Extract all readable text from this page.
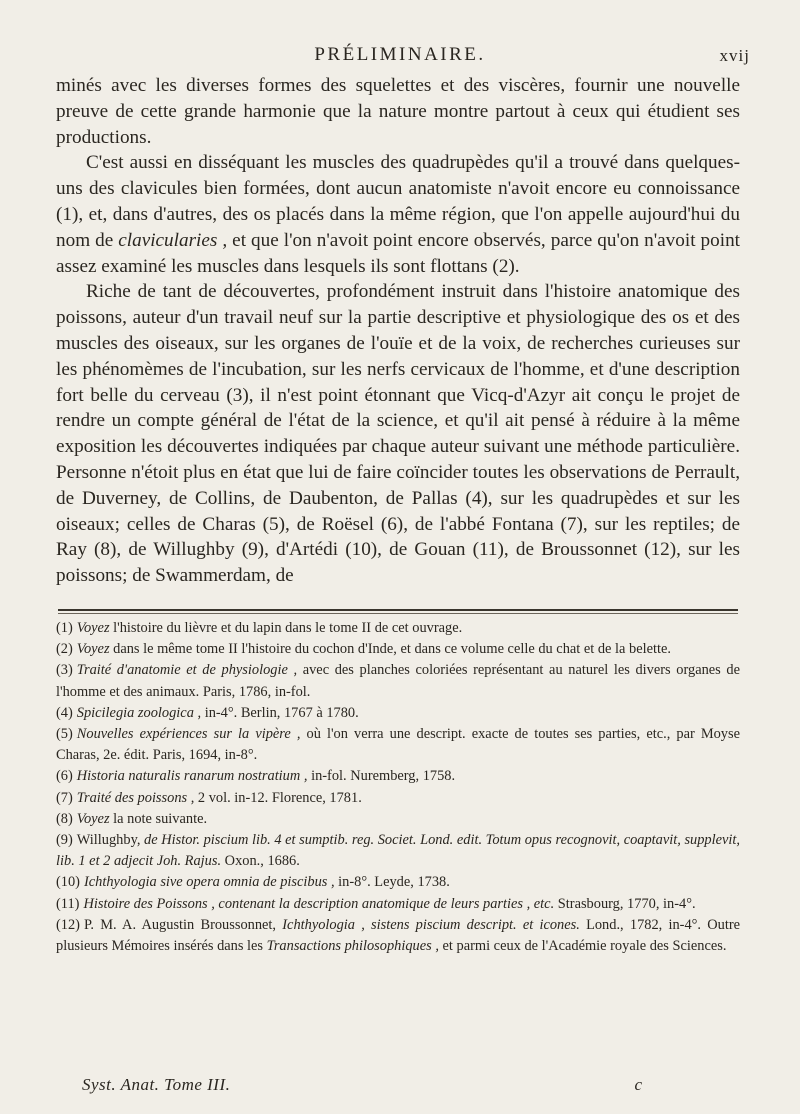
PRÉLIMINAIRE.	xvij

minés avec les diverses formes des squelettes et des viscères, fournir une nouvelle preuve de cette grande harmonie que la nature montre partout à ceux qui étudient ses productions.

C'est aussi en disséquant les muscles des quadrupèdes qu'il a trouvé dans quelques-uns des clavicules bien formées, dont aucun anatomiste n'avoit encore eu connoissance (1), et, dans d'autres, des os placés dans la même région, que l'on appelle aujourd'hui du nom de clavicularies , et que l'on n'avoit point encore observés, parce qu'on n'avoit point assez examiné les muscles dans lesquels ils sont flottans (2).

Riche de tant de découvertes, profondément instruit dans l'histoire anatomique des poissons, auteur d'un travail neuf sur la partie descriptive et physiologique des os et des muscles des oiseaux, sur les organes de l'ouïe et de la voix, de recherches curieuses sur les phénomèmes de l'incubation, sur les nerfs cervicaux de l'homme, et d'une description fort belle du cerveau (3), il n'est point étonnant que Vicq-d'Azyr ait conçu le projet de rendre un compte général de l'état de la science, et qu'il ait pensé à réduire à la même exposition les découvertes indiquées par chaque auteur suivant une méthode particulière. Personne n'étoit plus en état que lui de faire coïncider toutes les observations de Perrault, de Duverney, de Collins, de Daubenton, de Pallas (4), sur les quadrupèdes et sur les oiseaux; celles de Charas (5), de Roësel (6), de l'abbé Fontana (7), sur les reptiles; de Ray (8), de Willughby (9), d'Artédi (10), de Gouan (11), de Broussonnet (12), sur les poissons; de Swammerdam, de

(1) Voyez l'histoire du lièvre et du lapin dans le tome II de cet ouvrage.

(2) Voyez dans le même tome II l'histoire du cochon d'Inde, et dans ce volume celle du chat et de la belette.

(3) Traité d'anatomie et de physiologie , avec des planches coloriées représentant au naturel les divers organes de l'homme et des animaux. Paris, 1786, in-fol.

(4) Spicilegia zoologica , in-4°. Berlin, 1767 à 1780.

(5) Nouvelles expériences sur la vipère , où l'on verra une descript. exacte de toutes ses parties, etc., par Moyse Charas, 2e. édit. Paris, 1694, in-8°.

(6) Historia naturalis ranarum nostratium , in-fol. Nuremberg, 1758.

(7) Traité des poissons , 2 vol. in-12. Florence, 1781.

(8) Voyez la note suivante.

(9) Willughby, de Histor. piscium lib. 4 et sumptib. reg. Societ. Lond. edit. Totum opus recognovit, coaptavit, supplevit, lib. 1 et 2 adjecit Joh. Rajus. Oxon., 1686.

(10) Ichthyologia sive opera omnia de piscibus , in-8°. Leyde, 1738.

(11) Histoire des Poissons , contenant la description anatomique de leurs parties , etc. Strasbourg, 1770, in-4°.

(12) P. M. A. Augustin Broussonnet, Ichthyologia , sistens piscium descript. et icones. Lond., 1782, in-4°. Outre plusieurs Mémoires insérés dans les Transactions philosophiques , et parmi ceux de l'Académie royale des Sciences.

Syst. Anat. Tome III.	c
